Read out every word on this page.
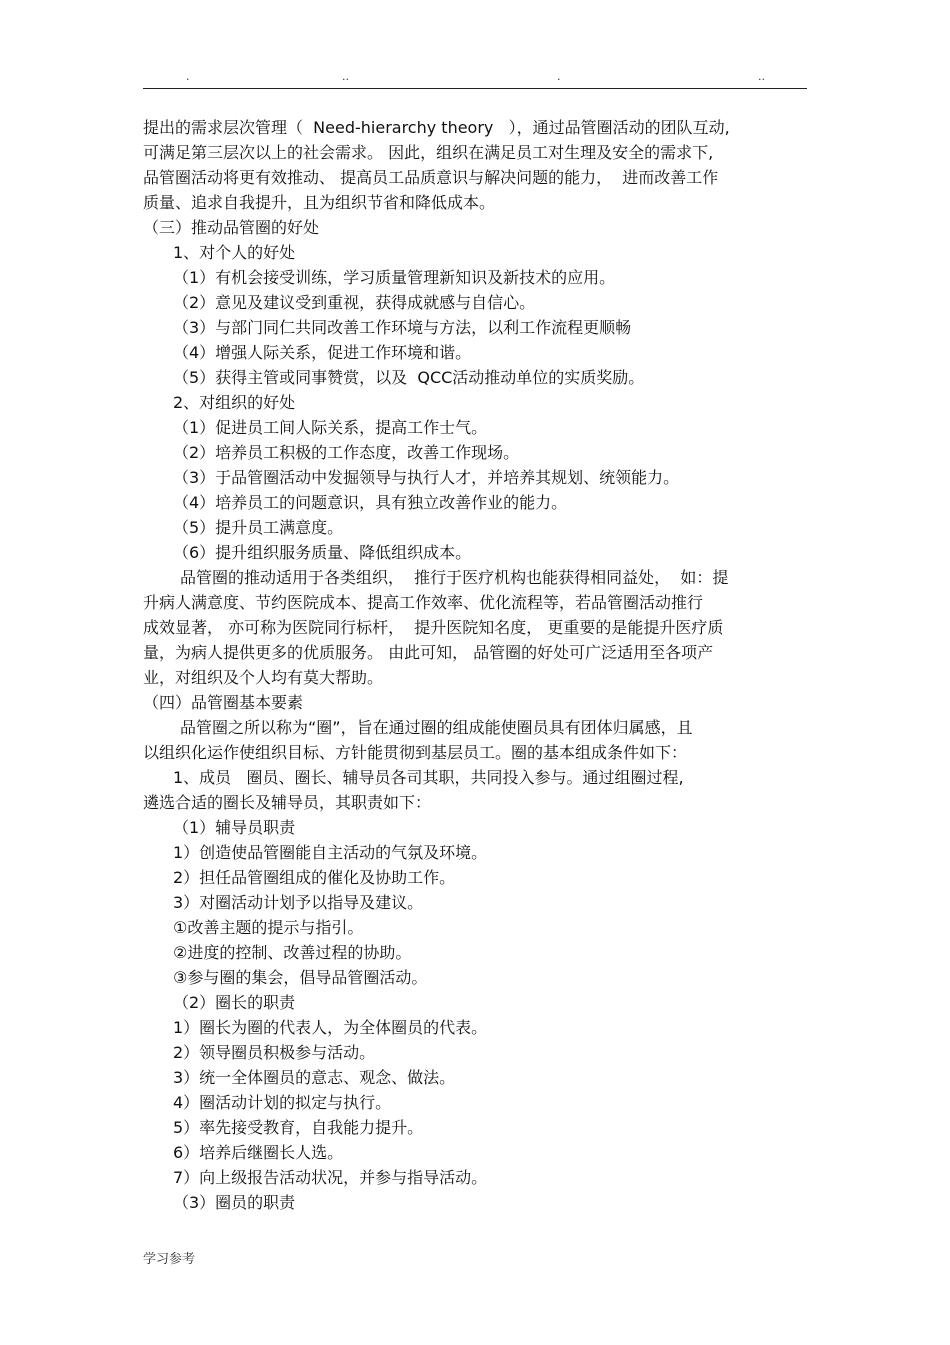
.	..	.	..
提出的需求层次管理（  Need-hierarchy theory   ），通过品管圈活动的团队互动,
可满足第三层次以上的社会需求。 因此，组织在满足员工对生理及安全的需求下,
品管圈活动将更有效推动、 提高员工品质意识与解决问题的能力，  进而改善工作
质量、追求自我提升，且为组织节省和降低成本。
（三）推动品管圈的好处
1、对个人的好处
（1）有机会接受训练，学习质量管理新知识及新技术的应用。
（2）意见及建议受到重视，获得成就感与自信心。
（3）与部门同仁共同改善工作环境与方法，以利工作流程更顺畅
（4）增强人际关系，促进工作环境和谐。
（5）获得主管或同事赞赏，以及  QCC活动推动单位的实质奖励。
2、对组织的好处
（1）促进员工间人际关系，提高工作士气。
（2）培养员工积极的工作态度，改善工作现场。
（3）于品管圈活动中发掘领导与执行人才，并培养其规划、统领能力。
（4）培养员工的问题意识，具有独立改善作业的能力。
（5）提升员工满意度。
（6）提升组织服务质量、降低组织成本。
品管圈的推动适用于各类组织，  推行于医疗机构也能获得相同益处，  如：提
升病人满意度、节约医院成本、提高工作效率、优化流程等，若品管圈活动推行
成效显著， 亦可称为医院同行标杆，  提升医院知名度， 更重要的是能提升医疗质
量，为病人提供更多的优质服务。 由此可知， 品管圈的好处可广泛适用至各项产
业，对组织及个人均有莫大帮助。
（四）品管圈基本要素
品管圈之所以称为“圈”，旨在通过圈的组成能使圈员具有团体归属感，且
以组织化运作使组织目标、方针能贯彻到基层员工。圈的基本组成条件如下：
1、成员   圈员、圈长、辅导员各司其职，共同投入参与。通过组圈过程,
遴选合适的圈长及辅导员，其职责如下：
（1）辅导员职责
1）创造使品管圈能自主活动的气氛及环境。
2）担任品管圈组成的催化及协助工作。
3）对圈活动计划予以指导及建议。
①改善主题的提示与指引。
②进度的控制、改善过程的协助。
③参与圈的集会，倡导品管圈活动。
（2）圈长的职责
1）圈长为圈的代表人，为全体圈员的代表。
2）领导圈员积极参与活动。
3）统一全体圈员的意志、观念、做法。
4）圈活动计划的拟定与执行。
5）率先接受教育，自我能力提升。
6）培养后继圈长人选。
7）向上级报告活动状况，并参与指导活动。
（3）圈员的职责
学习参考
